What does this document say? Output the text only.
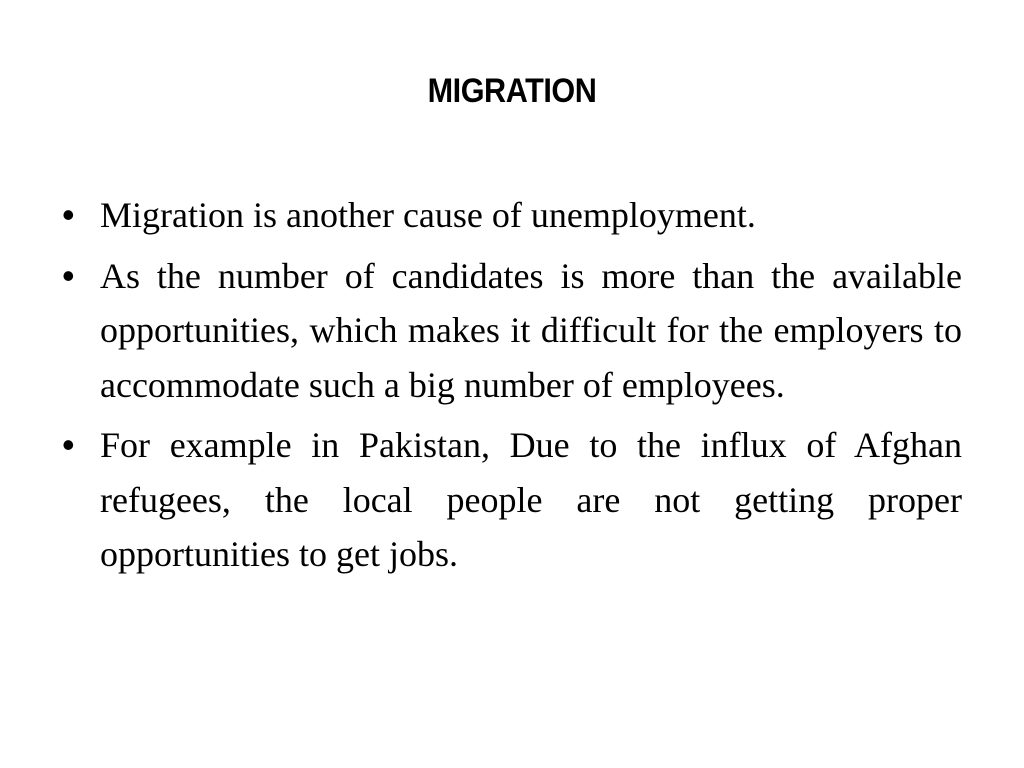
MIGRATION
• Migration is another cause of unemployment.
• As the number of candidates is more than the available opportunities, which makes it difficult for the employers to accommodate such a big number of employees.
• For example in Pakistan, Due to the influx of Afghan refugees, the local people are not getting proper opportunities to get jobs.
